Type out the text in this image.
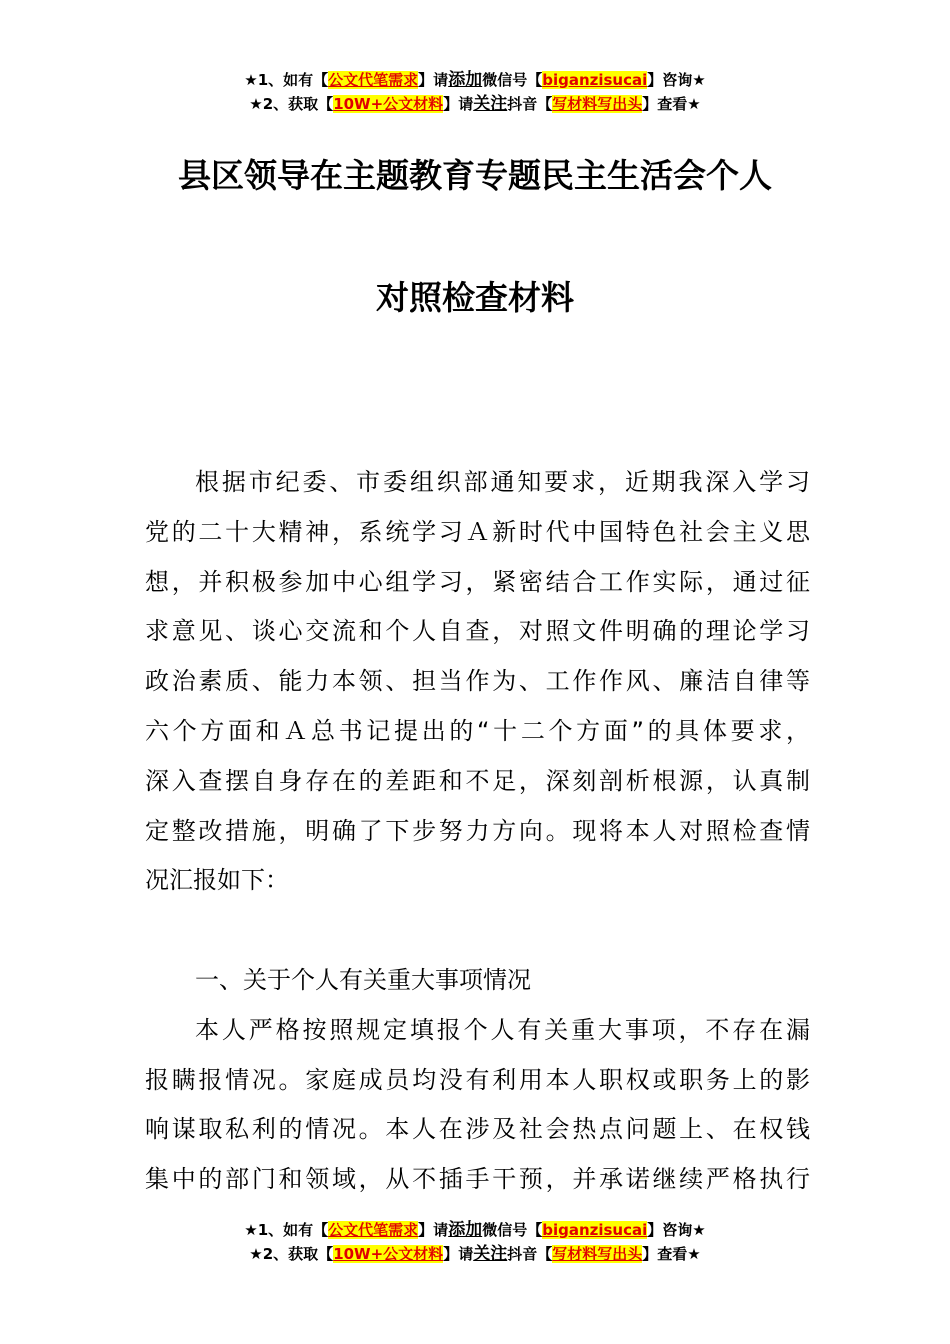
★1、如有【公文代笔需求】请添加微信号【biganzisucai】咨询★
★2、获取【10W+公文材料】请关注抖音【写材料写出头】查看★
县区领导在主题教育专题民主生活会个人
对照检查材料
根据市纪委、市委组织部通知要求，近期我深入学习
党的二十大精神，系统学习Ａ新时代中国特色社会主义思
想，并积极参加中心组学习，紧密结合工作实际，通过征
求意见、谈心交流和个人自查，对照文件明确的理论学习
政治素质、能力本领、担当作为、工作作风、廉洁自律等
六个方面和Ａ总书记提出的“十二个方面”的具体要求，
深入查摆自身存在的差距和不足，深刻剖析根源，认真制
定整改措施，明确了下步努力方向。现将本人对照检查情
况汇报如下：
一、关于个人有关重大事项情况
本人严格按照规定填报个人有关重大事项，不存在漏
报瞒报情况。家庭成员均没有利用本人职权或职务上的影
响谋取私利的情况。本人在涉及社会热点问题上、在权钱
集中的部门和领域，从不插手干预，并承诺继续严格执行
★1、如有【公文代笔需求】请添加微信号【biganzisucai】咨询★
★2、获取【10W+公文材料】请关注抖音【写材料写出头】查看★
